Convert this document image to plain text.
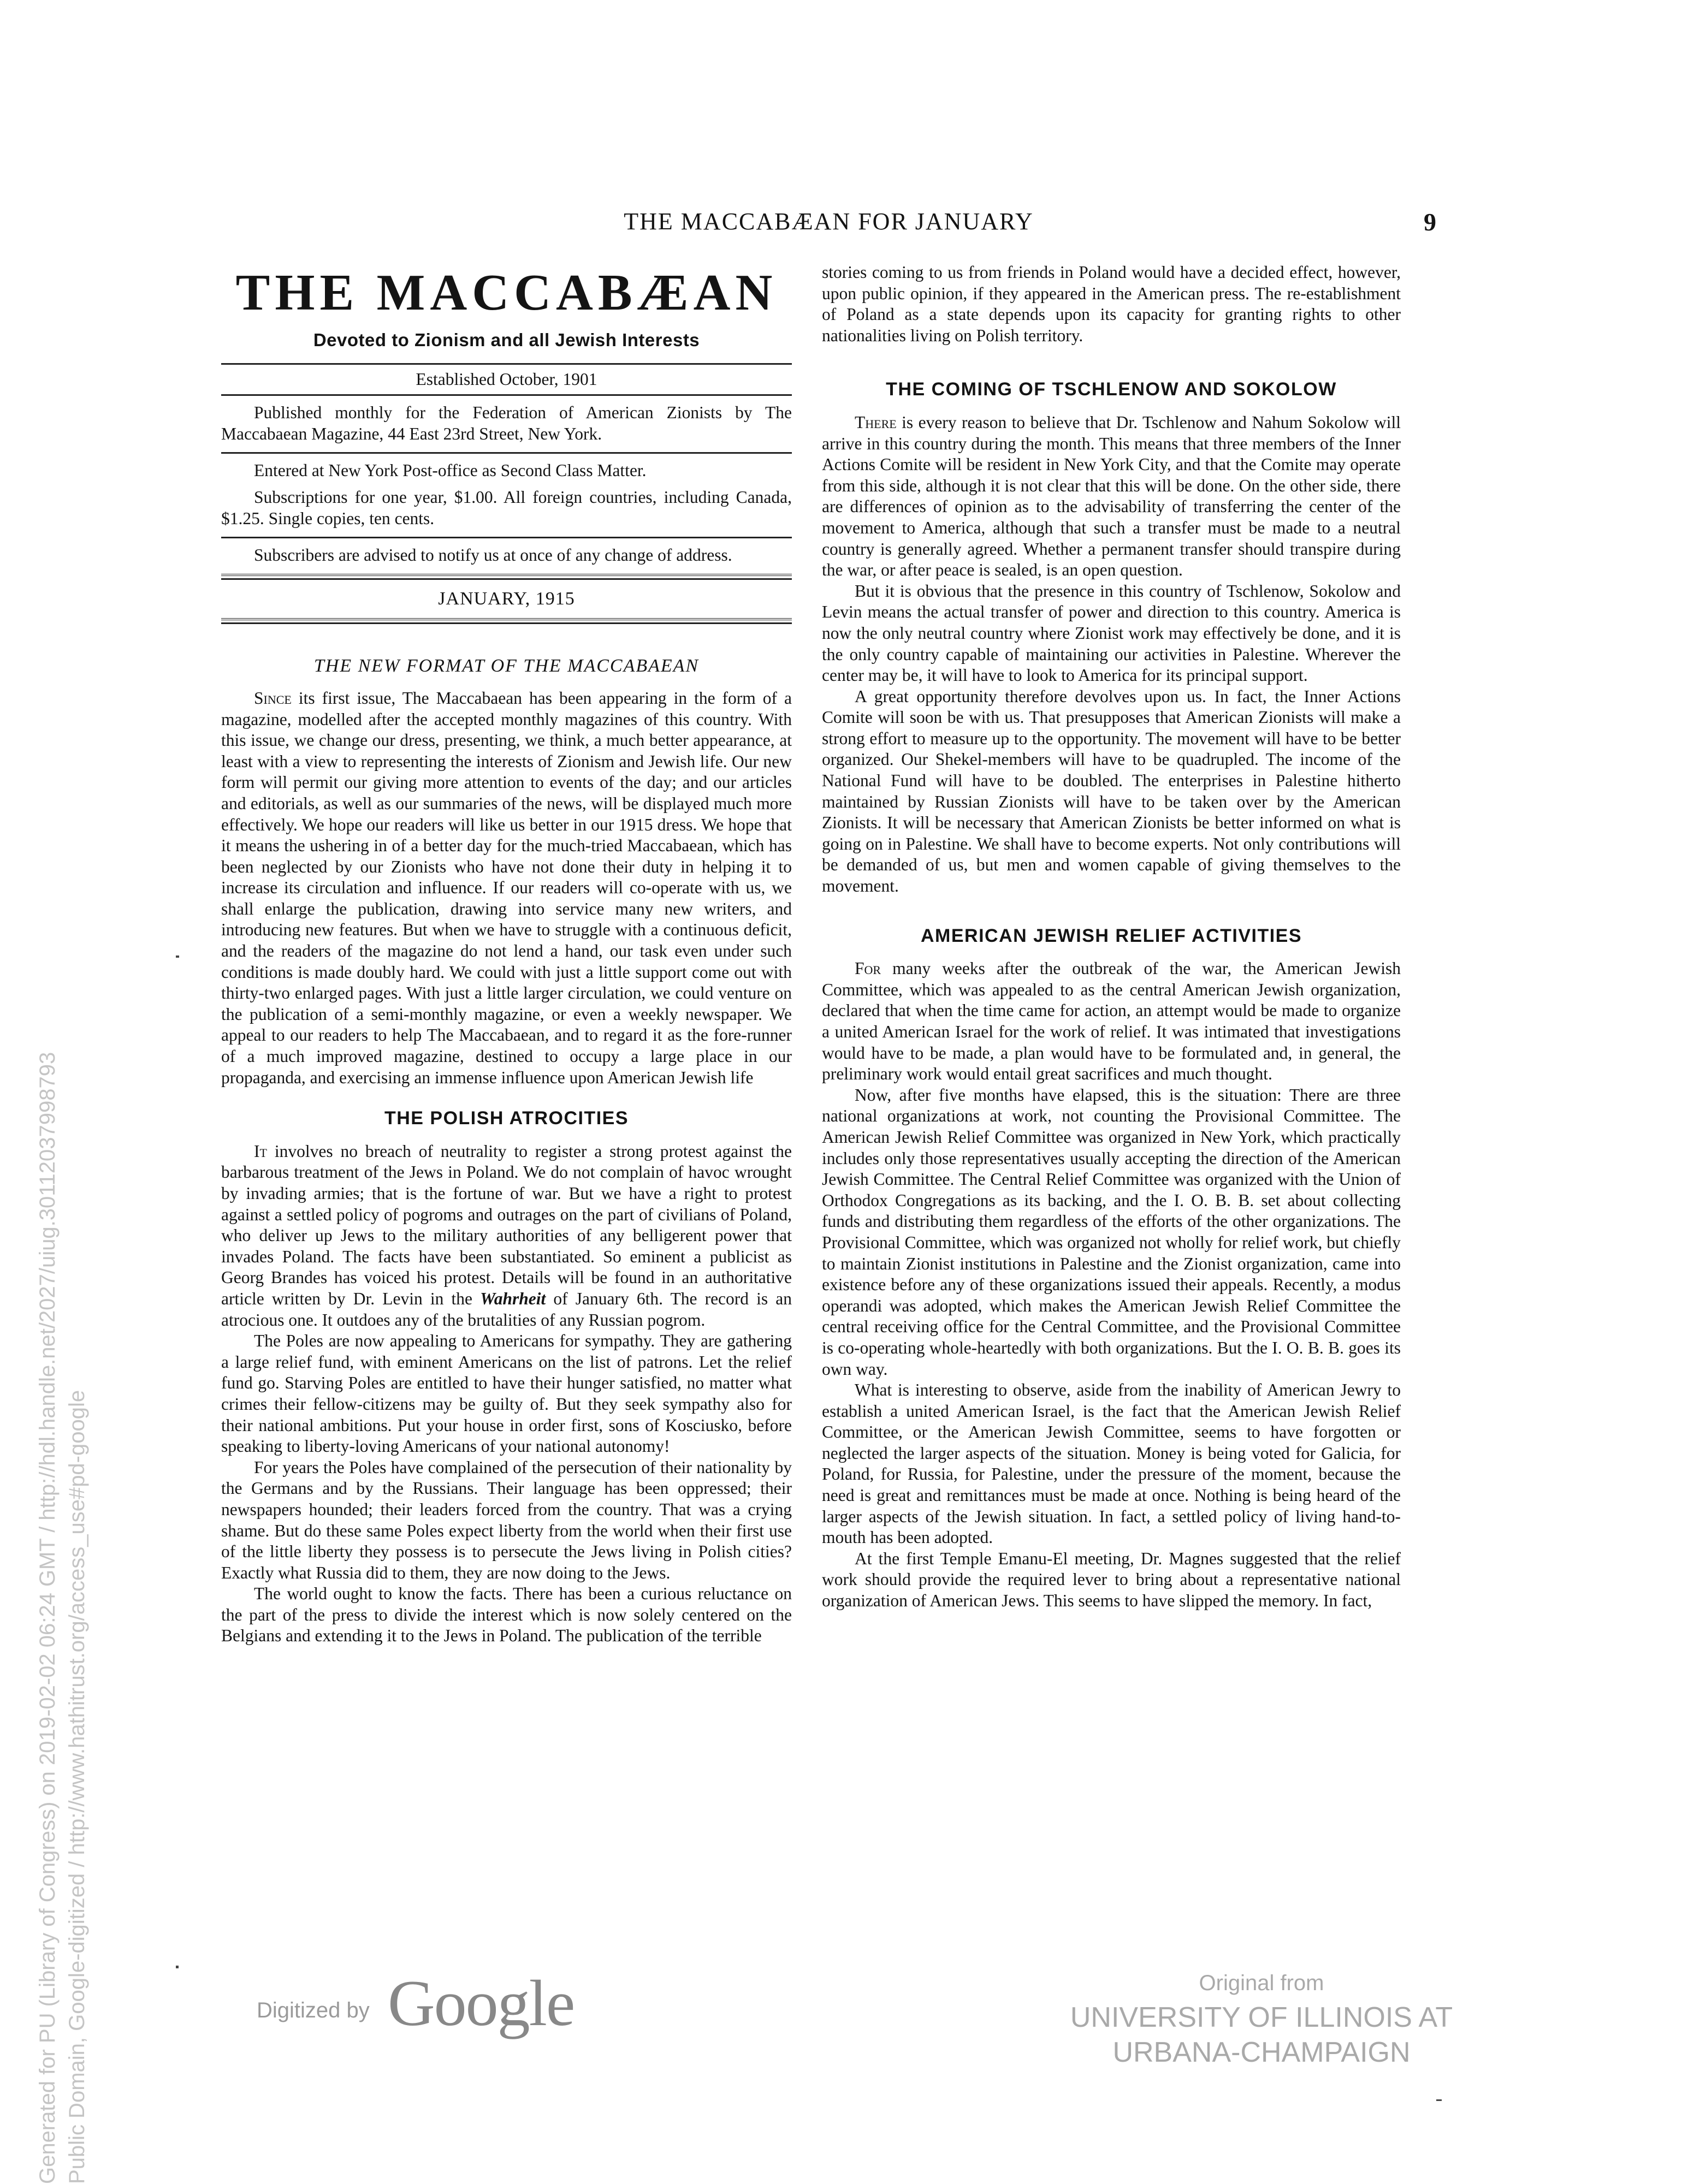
THE MACCABÆAN FOR JANUARY	9
THE MACCABÆAN
Devoted to Zionism and all Jewish Interests
Established October, 1901
Published monthly for the Federation of American Zionists by The Maccabaean Magazine, 44 East 23rd Street, New York.
Entered at New York Post-office as Second Class Matter.
Subscriptions for one year, $1.00. All foreign countries, including Canada, $1.25. Single copies, ten cents.
Subscribers are advised to notify us at once of any change of address.
JANUARY, 1915
THE NEW FORMAT OF THE MACCABAEAN

Since its first issue, The Maccabaean has been appearing in the form of a magazine, modelled after the accepted monthly magazines of this country. With this issue, we change our dress, presenting, we think, a much better appearance, at least with a view to representing the interests of Zionism and Jewish life. Our new form will permit our giving more attention to events of the day; and our articles and editorials, as well as our summaries of the news, will be displayed much more effectively. We hope our readers will like us better in our 1915 dress. We hope that it means the ushering in of a better day for the much-tried Maccabaean, which has been neglected by our Zionists who have not done their duty in helping it to increase its circulation and influence. If our readers will co-operate with us, we shall enlarge the publication, drawing into service many new writers, and introducing new features. But when we have to struggle with a continuous deficit, and the readers of the magazine do not lend a hand, our task even under such conditions is made doubly hard. We could with just a little support come out with thirty-two enlarged pages. With just a little larger circulation, we could venture on the publication of a semi-monthly magazine, or even a weekly newspaper. We appeal to our readers to help The Maccabaean, and to regard it as the fore-runner of a much improved magazine, destined to occupy a large place in our propaganda, and exercising an immense influence upon American Jewish life

THE POLISH ATROCITIES

It involves no breach of neutrality to register a strong protest against the barbarous treatment of the Jews in Poland. We do not complain of havoc wrought by invading armies; that is the fortune of war. But we have a right to protest against a settled policy of pogroms and outrages on the part of civilians of Poland, who deliver up Jews to the military authorities of any belligerent power that invades Poland. The facts have been substantiated. So eminent a publicist as Georg Brandes has voiced his protest. Details will be found in an authoritative article written by Dr. Levin in the Wahrheit of January 6th. The record is an atrocious one. It outdoes any of the brutalities of any Russian pogrom.

The Poles are now appealing to Americans for sympathy. They are gathering a large relief fund, with eminent Americans on the list of patrons. Let the relief fund go. Starving Poles are entitled to have their hunger satisfied, no matter what crimes their fellow-citizens may be guilty of. But they seek sympathy also for their national ambitions. Put your house in order first, sons of Kosciusko, before speaking to liberty-loving Americans of your national autonomy!

For years the Poles have complained of the persecution of their nationality by the Germans and by the Russians. Their language has been oppressed; their newspapers hounded; their leaders forced from the country. That was a crying shame. But do these same Poles expect liberty from the world when their first use of the little liberty they possess is to persecute the Jews living in Polish cities? Exactly what Russia did to them, they are now doing to the Jews.

The world ought to know the facts. There has been a curious reluctance on the part of the press to divide the interest which is now solely centered on the Belgians and extending it to the Jews in Poland. The publication of the terrible

stories coming to us from friends in Poland would have a decided effect, however, upon public opinion, if they appeared in the American press. The re-establishment of Poland as a state depends upon its capacity for granting rights to other nationalities living on Polish territory.

THE COMING OF TSCHLENOW AND SOKOLOW

There is every reason to believe that Dr. Tschlenow and Nahum Sokolow will arrive in this country during the month. This means that three members of the Inner Actions Comite will be resident in New York City, and that the Comite may operate from this side, although it is not clear that this will be done. On the other side, there are differences of opinion as to the advisability of transferring the center of the movement to America, although that such a transfer must be made to a neutral country is generally agreed. Whether a permanent transfer should transpire during the war, or after peace is sealed, is an open question.

But it is obvious that the presence in this country of Tschlenow, Sokolow and Levin means the actual transfer of power and direction to this country. America is now the only neutral country where Zionist work may effectively be done, and it is the only country capable of maintaining our activities in Palestine. Wherever the center may be, it will have to look to America for its principal support.

A great opportunity therefore devolves upon us. In fact, the Inner Actions Comite will soon be with us. That presupposes that American Zionists will make a strong effort to measure up to the opportunity. The movement will have to be better organized. Our Shekel-members will have to be quadrupled. The income of the National Fund will have to be doubled. The enterprises in Palestine hitherto maintained by Russian Zionists will have to be taken over by the American Zionists. It will be necessary that American Zionists be better informed on what is going on in Palestine. We shall have to become experts. Not only contributions will be demanded of us, but men and women capable of giving themselves to the movement.

AMERICAN JEWISH RELIEF ACTIVITIES

For many weeks after the outbreak of the war, the American Jewish Committee, which was appealed to as the central American Jewish organization, declared that when the time came for action, an attempt would be made to organize a united American Israel for the work of relief. It was intimated that investigations would have to be made, a plan would have to be formulated and, in general, the preliminary work would entail great sacrifices and much thought.

Now, after five months have elapsed, this is the situation: There are three national organizations at work, not counting the Provisional Committee. The American Jewish Relief Committee was organized in New York, which practically includes only those representatives usually accepting the direction of the American Jewish Committee. The Central Relief Committee was organized with the Union of Orthodox Congregations as its backing, and the I. O. B. B. set about collecting funds and distributing them regardless of the efforts of the other organizations. The Provisional Committee, which was organized not wholly for relief work, but chiefly to maintain Zionist institutions in Palestine and the Zionist organization, came into existence before any of these organizations issued their appeals. Recently, a modus operandi was adopted, which makes the American Jewish Relief Committee the central receiving office for the Central Committee, and the Provisional Committee is co-operating whole-heartedly with both organizations. But the I. O. B. B. goes its own way.

What is interesting to observe, aside from the inability of American Jewry to establish a united American Israel, is the fact that the American Jewish Relief Committee, or the American Jewish Committee, seems to have forgotten or neglected the larger aspects of the situation. Money is being voted for Galicia, for Poland, for Russia, for Palestine, under the pressure of the moment, because the need is great and remittances must be made at once. Nothing is being heard of the larger aspects of the Jewish situation. In fact, a settled policy of living hand-to-mouth has been adopted.

At the first Temple Emanu-El meeting, Dr. Magnes suggested that the relief work should provide the required lever to bring about a representative national organization of American Jews. This seems to have slipped the memory. In fact,

Generated for PU (Library of Congress) on 2019-02-02 06:24 GMT / http://hdl.handle.net/2027/uiug.30112037998793 Public Domain, Google-digitized / http://www.hathitrust.org/access_use#pd-google	Digitized by Google	Original from
UNIVERSITY OF ILLINOIS AT
URBANA-CHAMPAIGN
